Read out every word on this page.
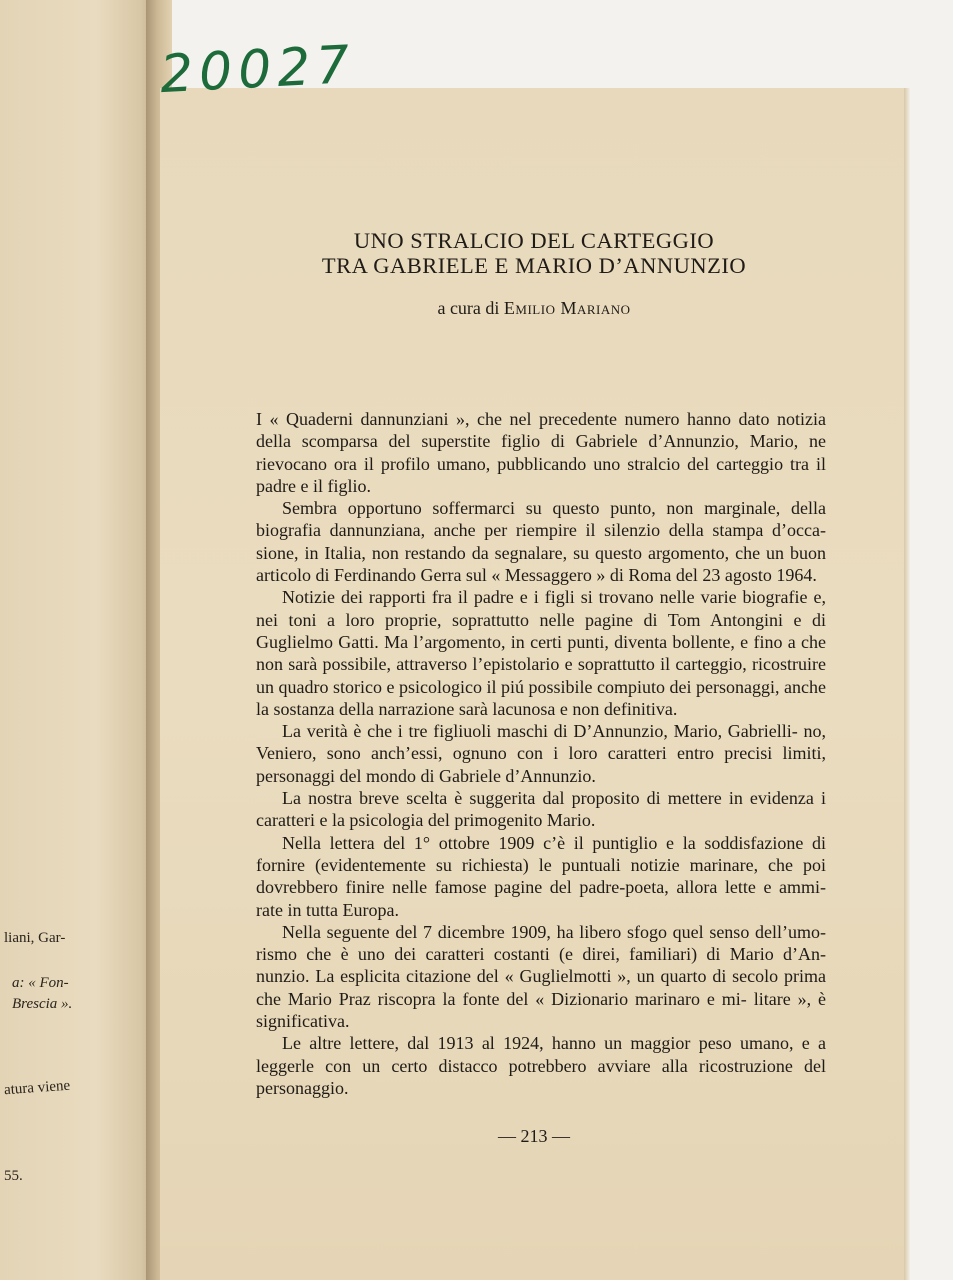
20027
UNO STRALCIO DEL CARTEGGIO
TRA GABRIELE E MARIO D’ANNUNZIO
a cura di Emilio Mariano

I « Quaderni dannunziani », che nel precedente numero hanno dato notizia della scomparsa del superstite figlio di Gabriele d’Annunzio, Mario, ne rievocano ora il profilo umano, pubblicando uno stralcio del carteggio tra il padre e il figlio.

Sembra opportuno soffermarci su questo punto, non marginale, della biografia dannunziana, anche per riempire il silenzio della stampa d’occa- sione, in Italia, non restando da segnalare, su questo argomento, che un buon articolo di Ferdinando Gerra sul « Messaggero » di Roma del 23 agosto 1964.

Notizie dei rapporti fra il padre e i figli si trovano nelle varie biografie e, nei toni a loro proprie, soprattutto nelle pagine di Tom Antongini e di Guglielmo Gatti. Ma l’argomento, in certi punti, diventa bollente, e fino a che non sarà possibile, attraverso l’epistolario e soprattutto il carteggio, ricostruire un quadro storico e psicologico il piú possibile compiuto dei personaggi, anche la sostanza della narrazione sarà lacunosa e non definitiva.

La verità è che i tre figliuoli maschi di D’Annunzio, Mario, Gabrielli- no, Veniero, sono anch’essi, ognuno con i loro caratteri entro precisi limiti, personaggi del mondo di Gabriele d’Annunzio.

La nostra breve scelta è suggerita dal proposito di mettere in evidenza i caratteri e la psicologia del primogenito Mario.

Nella lettera del 1° ottobre 1909 c’è il puntiglio e la soddisfazione di fornire (evidentemente su richiesta) le puntuali notizie marinare, che poi dovrebbero finire nelle famose pagine del padre-poeta, allora lette e ammi- rate in tutta Europa.

Nella seguente del 7 dicembre 1909, ha libero sfogo quel senso dell’umo- rismo che è uno dei caratteri costanti (e direi, familiari) di Mario d’An- nunzio. La esplicita citazione del « Guglielmotti », un quarto di secolo prima che Mario Praz riscopra la fonte del « Dizionario marinaro e mi- litare », è significativa.

Le altre lettere, dal 1913 al 1924, hanno un maggior peso umano, e a leggerle con un certo distacco potrebbero avviare alla ricostruzione del personaggio.

— 213 —
liani, Gar-
a: « Fon-
Brescia ».
atura viene
55.
